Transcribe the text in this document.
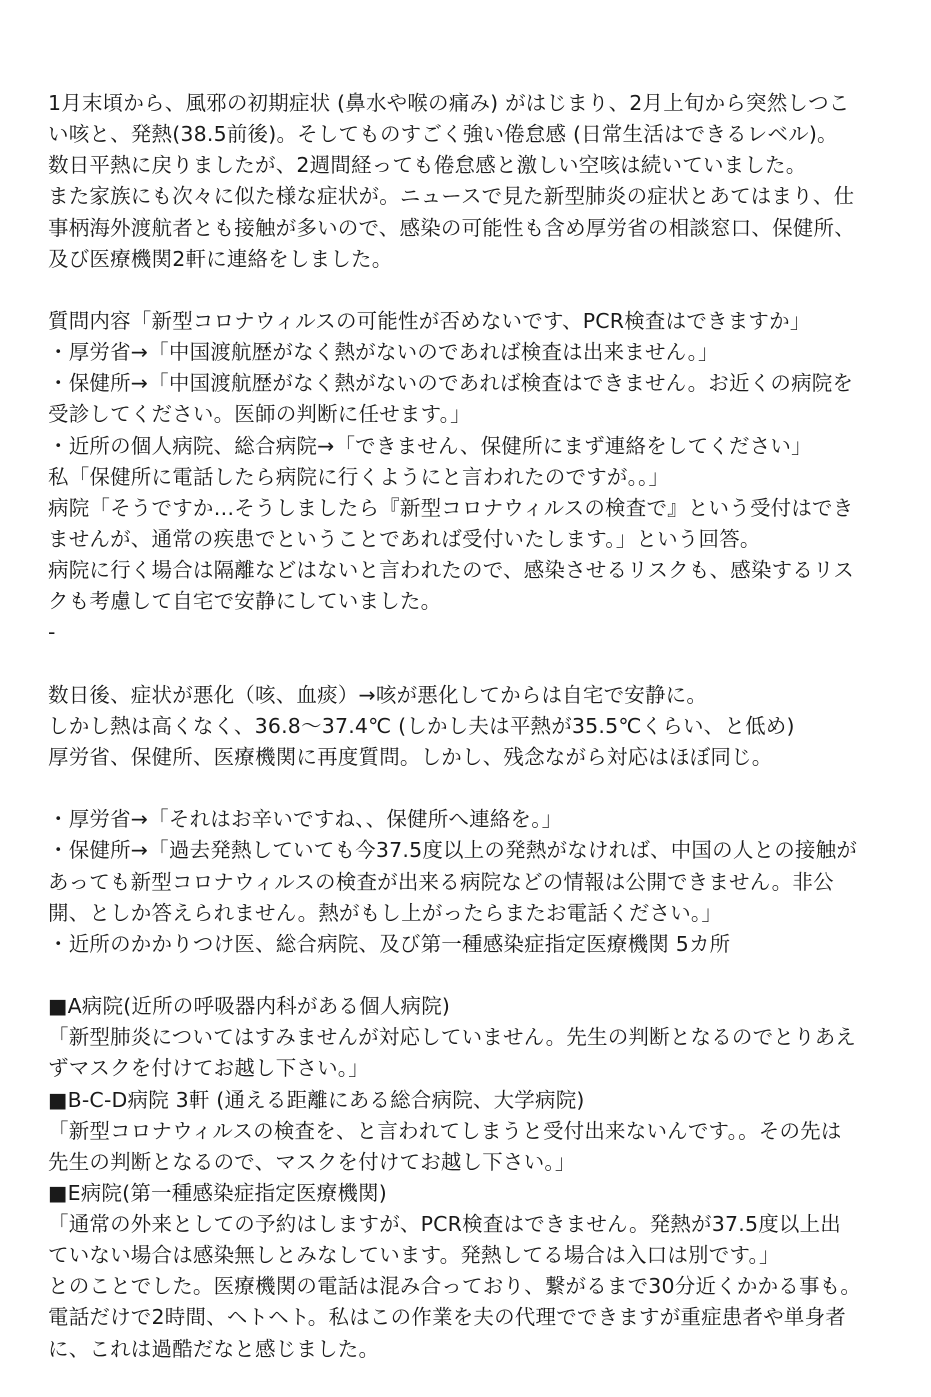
1月末頃から、風邪の初期症状 (鼻水や喉の痛み) がはじまり、2月上旬から突然しつこ
い咳と、発熱(38.5前後)。そしてものすごく強い倦怠感 (日常生活はできるレベル)。
数日平熱に戻りましたが、2週間経っても倦怠感と激しい空咳は続いていました。
また家族にも次々に似た様な症状が。ニュースで見た新型肺炎の症状とあてはまり、仕
事柄海外渡航者とも接触が多いので、感染の可能性も含め厚労省の相談窓口、保健所、
及び医療機関2軒に連絡をしました。
質問内容「新型コロナウィルスの可能性が否めないです、PCR検査はできますか」
・厚労省→「中国渡航歴がなく熱がないのであれば検査は出来ません。」
・保健所→「中国渡航歴がなく熱がないのであれば検査はできません。お近くの病院を
受診してください。医師の判断に任せます。」
・近所の個人病院、総合病院→「できません、保健所にまず連絡をしてください」
私「保健所に電話したら病院に行くようにと言われたのですが。。」
病院「そうですか…そうしましたら『新型コロナウィルスの検査で』という受付はでき
ませんが、通常の疾患でということであれば受付いたします。」という回答。
病院に行く場合は隔離などはないと言われたので、感染させるリスクも、感染するリス
クも考慮して自宅で安静にしていました。
-
数日後、症状が悪化（咳、血痰）→咳が悪化してからは自宅で安静に。
しかし熱は高くなく、36.8〜37.4℃ (しかし夫は平熱が35.5℃くらい、と低め)
厚労省、保健所、医療機関に再度質問。しかし、残念ながら対応はほぼ同じ。
・厚労省→「それはお辛いですね、、保健所へ連絡を。」
・保健所→「過去発熱していても今37.5度以上の発熱がなければ、中国の人との接触が
あっても新型コロナウィルスの検査が出来る病院などの情報は公開できません。非公
開、としか答えられません。熱がもし上がったらまたお電話ください。」
・近所のかかりつけ医、総合病院、及び第一種感染症指定医療機関 5カ所
■A病院(近所の呼吸器内科がある個人病院)
「新型肺炎についてはすみませんが対応していません。先生の判断となるのでとりあえ
ずマスクを付けてお越し下さい。」
■B-C-D病院 3軒 (通える距離にある総合病院、大学病院)
「新型コロナウィルスの検査を、と言われてしまうと受付出来ないんです。。その先は
先生の判断となるので、マスクを付けてお越し下さい。」
■E病院(第一種感染症指定医療機関)
「通常の外来としての予約はしますが、PCR検査はできません。発熱が37.5度以上出
ていない場合は感染無しとみなしています。発熱してる場合は入口は別です。」
とのことでした。医療機関の電話は混み合っており、繋がるまで30分近くかかる事も。
電話だけで2時間、ヘトヘト。私はこの作業を夫の代理でできますが重症患者や単身者
に、これは過酷だなと感じました。
